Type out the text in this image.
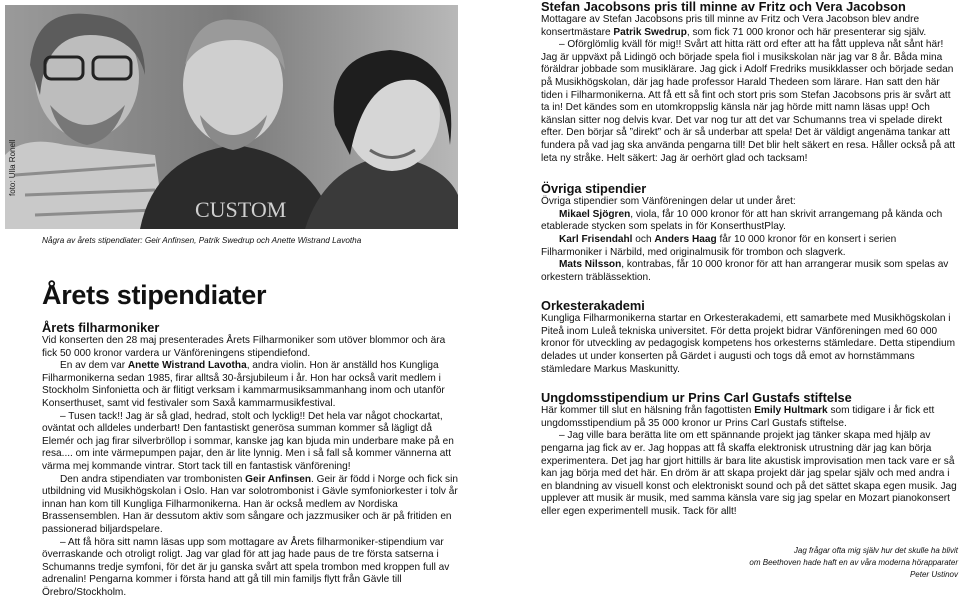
CUSTOM
foto: Ulla Ronell
Några av årets stipendiater: Geir Anfinsen, Patrik Swedrup och Anette Wistrand Lavotha
Årets stipendiater
Årets filharmoniker

Vid konserten den 28 maj presenterades Årets Filharmoniker som utöver blommor och ära fick 50 000 kronor vardera ur Vänföreningens stipendiefond.

En av dem var Anette Wistrand Lavotha, andra violin. Hon är anställd hos Kungliga Filharmonikerna sedan 1985, firar alltså 30-årsjubileum i år. Hon har också varit medlem i Stockholm Sinfonietta och är flitigt verksam i kammarmusiksammanhang inom och utanför Konserthuset, samt vid festivaler som Saxå kammarmusikfestival.

– Tusen tack!! Jag är så glad, hedrad, stolt och lycklig!! Det hela var något chockartat, oväntat och alldeles underbart! Den fantastiskt generösa summan kommer så lägligt då Elemér och jag firar silverbröllop i sommar, kanske jag kan bjuda min underbare make på en resa.... om inte värmepumpen pajar, den är lite lynnig. Men i så fall så kommer vännerna att värma mej kommande vintrar. Stort tack till en fantastisk vänförening!

Den andra stipendiaten var trombonisten Geir Anfinsen. Geir är född i Norge och fick sin utbildning vid Musikhögskolan i Oslo. Han var solotrombonist i Gävle symfoniorkester i tolv år innan han kom till Kungliga Filharmonikerna. Han är också medlem av Nordiska Brassensemblen. Han är dessutom aktiv som sångare och jazzmusiker och är på fritiden en passionerad biljardspelare.

– Att få höra sitt namn läsas upp som mottagare av Årets filharmoniker-stipendium var överraskande och otroligt roligt. Jag var glad för att jag hade paus de tre första satserna i Schumanns tredje symfoni, för det är ju ganska svårt att spela trombon med kroppen full av adrenalin! Pengarna kommer i första hand att gå till min familjs flytt från Gävle till Örebro/Stockholm.

Stefan Jacobsons pris till minne av Fritz och Vera Jacobson

Mottagare av Stefan Jacobsons pris till minne av Fritz och Vera Jacobson blev andre konsertmästare Patrik Swedrup, som fick 71 000 kronor och här presenterar sig själv.

– Oförglömlig kväll för mig!! Svårt att hitta rätt ord efter att ha fått uppleva nåt sånt här! Jag är uppväxt på Lidingö och började spela fiol i musikskolan när jag var 8 år. Båda mina föräldrar jobbade som musiklärare. Jag gick i Adolf Fredriks musikklasser och började sedan på Musikhögskolan, där jag hade professor Harald Thedeen som lärare. Han satt den här tiden i Filharmonikerna. Att få ett så fint och stort pris som Stefan Jacobsons pris är svårt att ta in! Det kändes som en utomkroppslig känsla när jag hörde mitt namn läsas upp! Och känslan sitter nog delvis kvar. Det var nog tur att det var Schumanns trea vi spelade direkt efter. Den börjar så ”direkt” och är så underbar att spela! Det är väldigt angenäma tankar att fundera på vad jag ska använda pengarna till! Det blir helt säkert en resa. Håller också på att leta ny stråke. Helt säkert: Jag är oerhört glad och tacksam!

Övriga stipendier

Övriga stipendier som Vänföreningen delar ut under året:

Mikael Sjögren, viola, får 10 000 kronor för att han skrivit arrangemang på kända och etablerade stycken som spelats in för KonserthustPlay.

Karl Frisendahl och Anders Haag får 10 000 kronor för en konsert i serien Filharmoniker i Närbild, med originalmusik för trombon och slagverk.

Mats Nilsson, kontrabas, får 10 000 kronor för att han arrangerar musik som spelas av orkestern träblässektion.

Orkesterakademi

Kungliga Filharmonikerna startar en Orkesterakademi, ett samarbete med Musikhögskolan i Piteå inom Luleå tekniska universitet. För detta projekt bidrar Vänföreningen med 60 000 kronor för utveckling av pedagogisk kompetens hos orkesterns stämledare. Detta stipendium delades ut under konserten på Gärdet i augusti och togs då emot av hornstämmans stämledare Markus Maskunitty.

Ungdomsstipendium ur Prins Carl Gustafs stiftelse

Här kommer till slut en hälsning från fagottisten Emily Hultmark som tidigare i år fick ett ungdomsstipendium på 35 000 kronor ur Prins Carl Gustafs stiftelse.

– Jag ville bara berätta lite om ett spännande projekt jag tänker skapa med hjälp av pengarna jag fick av er. Jag hoppas att få skaffa elektronisk utrustning där jag kan börja experimentera. Det jag har gjort hittills är bara lite akustisk improvisation men tack vare er så kan jag börja med det här. En dröm är att skapa projekt där jag spelar själv och med andra i en blandning av visuell konst och elektroniskt sound och på det sättet skapa egen musik. Jag upplever att musik är musik, med samma känsla vare sig jag spelar en Mozart pianokonsert eller egen experimentell musik. Tack för allt!

Jag frågar ofta mig själv hur det skulle ha blivit
om Beethoven hade haft en av våra moderna hörapparater
Peter Ustinov
